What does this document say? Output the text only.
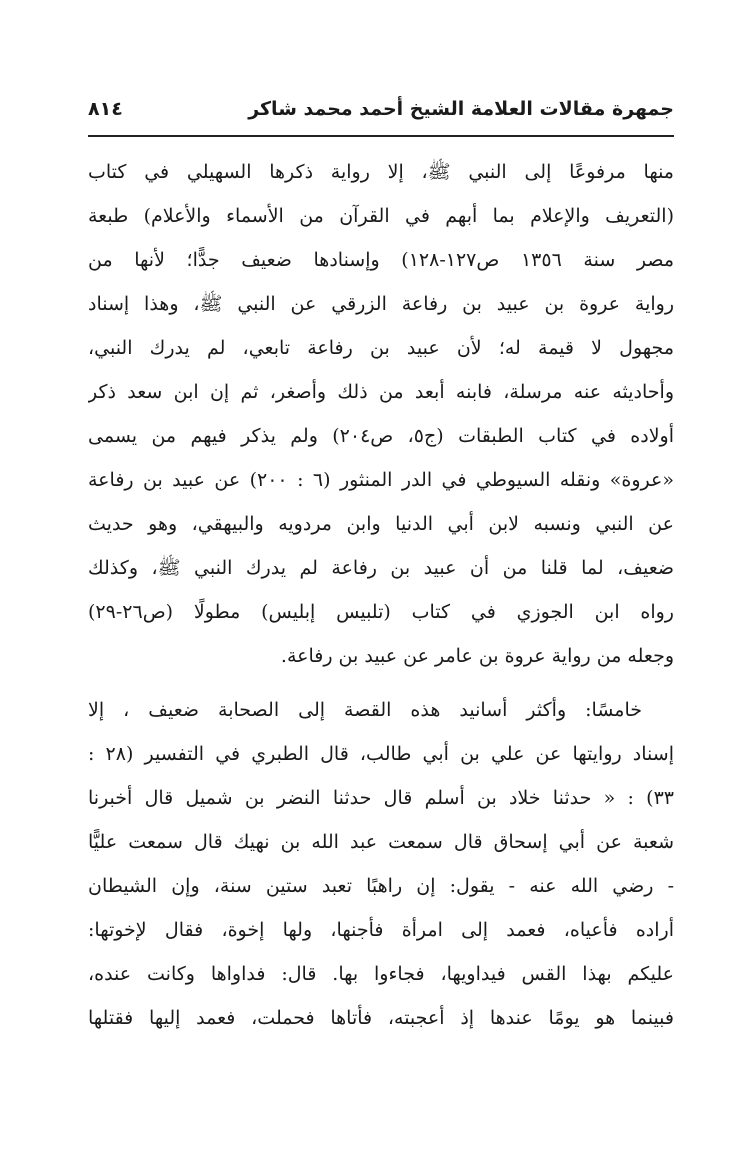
جمهرة مقالات العلامة الشيخ أحمد محمد شاكر
٨١٤
منها مرفوعًا إلى النبي ﷺ، إلا رواية ذكرها السهيلي في كتاب
(التعريف والإعلام بما أبهم في القرآن من الأسماء والأعلام) طبعة
مصر سنة ١٣٥٦ ص١٢٧-١٢٨) وإسنادها ضعيف جدًّا؛ لأنها من
رواية عروة بن عبيد بن رفاعة الزرقي عن النبي ﷺ، وهذا إسناد
مجهول لا قيمة له؛ لأن عبيد بن رفاعة تابعي، لم يدرك النبي،
وأحاديثه عنه مرسلة، فابنه أبعد من ذلك وأصغر، ثم إن ابن سعد ذكر
أولاده في كتاب الطبقات (ج٥، ص٢٠٤) ولم يذكر فيهم من يسمى
«عروة» ونقله السيوطي في الدر المنثور (٦ : ٢٠٠) عن عبيد بن رفاعة
عن النبي ونسبه لابن أبي الدنيا وابن مردويه والبيهقي، وهو حديث
ضعيف، لما قلنا من أن عبيد بن رفاعة لم يدرك النبي ﷺ، وكذلك
رواه ابن الجوزي في كتاب (تلبيس إبليس) مطولًا (ص٢٦-٢٩)
وجعله من رواية عروة بن عامر عن عبيد بن رفاعة.
خامسًا: وأكثر أسانيد هذه القصة إلى الصحابة ضعيف ، إلا
إسناد روايتها عن علي بن أبي طالب، قال الطبري في التفسير (٢٨ :
٣٣) : « حدثنا خلاد بن أسلم قال حدثنا النضر بن شميل قال أخبرنا
شعبة عن أبي إسحاق قال سمعت عبد الله بن نهيك قال سمعت عليًّا
- رضي الله عنه - يقول: إن راهبًا تعبد ستين سنة، وإن الشيطان
أراده فأعياه، فعمد إلى امرأة فأجنها، ولها إخوة، فقال لإخوتها:
عليكم بهذا القس فيداويها، فجاءوا بها. قال: فداواها وكانت عنده،
فبينما هو يومًا عندها إذ أعجبته، فأتاها فحملت، فعمد إليها فقتلها
